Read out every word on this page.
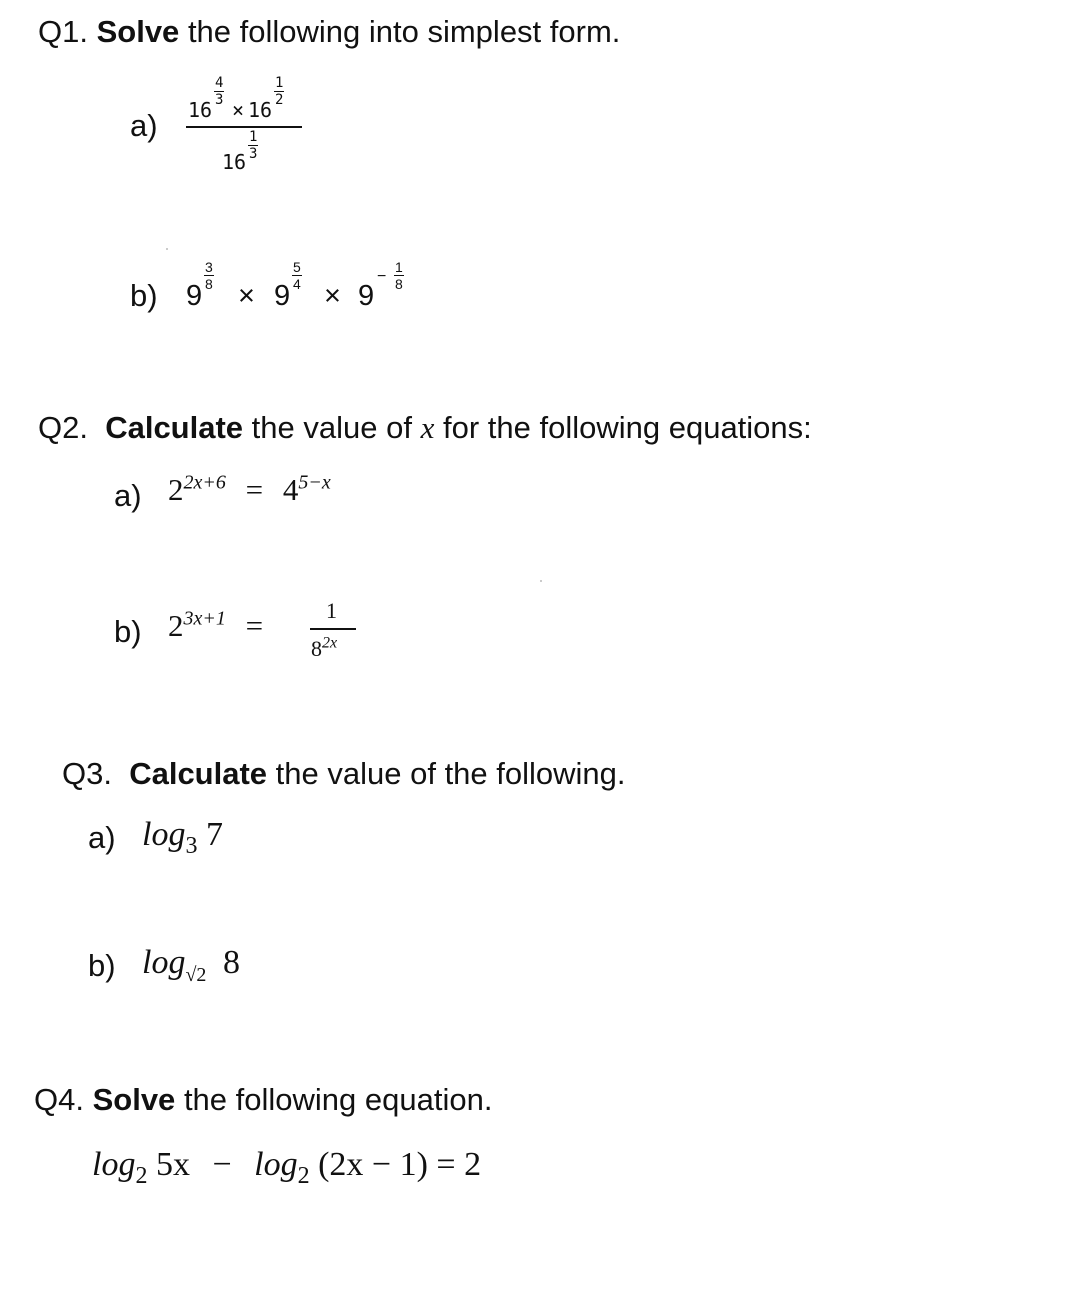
Q1. Solve the following into simplest form.
a) 16
4
3 × 16
1
2
16
1
3
b) 9
3
8 × 9
5
4 × 9
−
1
8
Q2. Calculate the value of x for the following equations:
a) $2^{2x+6} = 4^{5-x}$
b) $2^{3x+1}$ =	1
$8^{2x}$
Q3. Calculate the value of the following.
a) $\log_3 7$
b) $\log_{√2} 8$
Q4. Solve the following equation.
$\log_2 5x - \log_2 (2x - 1) = 2$
